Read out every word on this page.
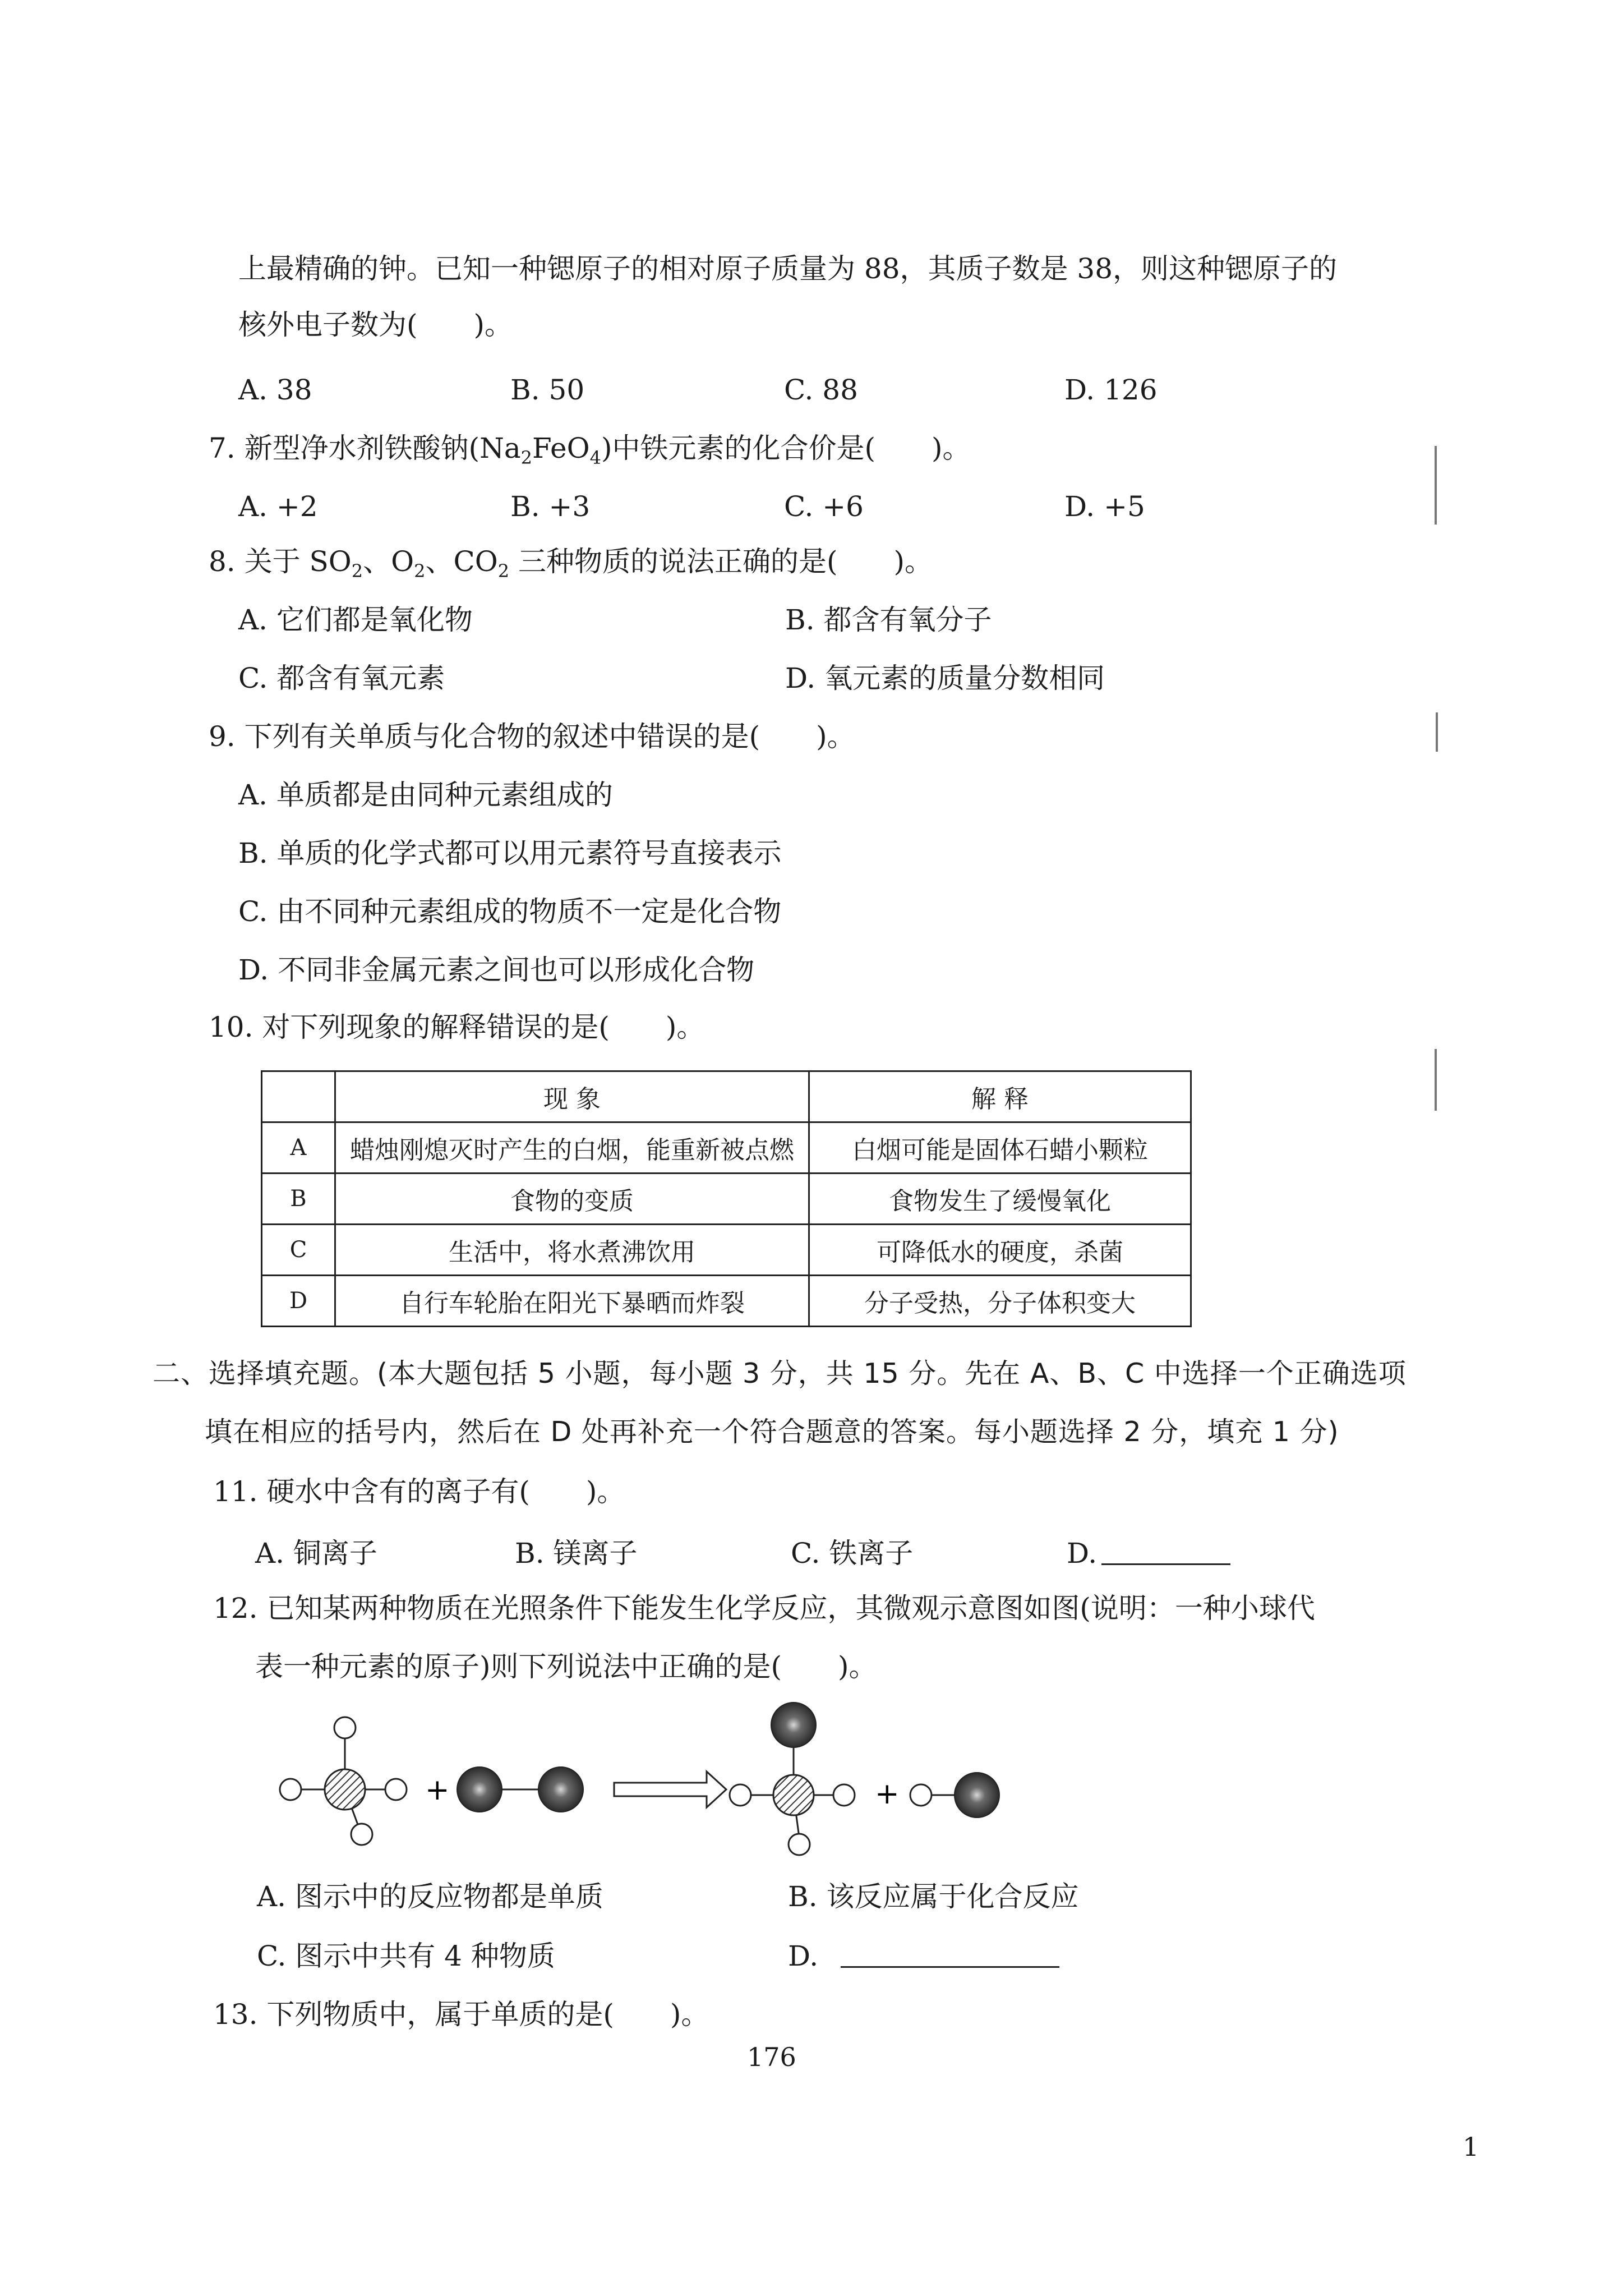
上最精确的钟。已知一种锶原子的相对原子质量为 88，其质子数是 38，则这种锶原子的
核外电子数为( )。
A. 38	B. 50	C. 88	D. 126
7. 新型净水剂铁酸钠$(Na_2FeO_4)$中铁元素的化合价是( )。
A. +2	B. +3	C. +6	D. +5
8. 关于 $SO_2$、$O_2$、$CO_2$ 三种物质的说法正确的是( )。
A. 它们都是氧化物	B. 都含有氧分子
C. 都含有氧元素	D. 氧元素的质量分数相同
9. 下列有关单质与化合物的叙述中错误的是( )。
A. 单质都是由同种元素组成的
B. 单质的化学式都可以用元素符号直接表示
C. 由不同种元素组成的物质不一定是化合物
D. 不同非金属元素之间也可以形成化合物
10. 对下列现象的解释错误的是( )。
	现 象	解 释
A	蜡烛刚熄灭时产生的白烟，能重新被点燃	白烟可能是固体石蜡小颗粒
B	食物的变质	食物发生了缓慢氧化
C	生活中，将水煮沸饮用	可降低水的硬度，杀菌
D	自行车轮胎在阳光下暴晒而炸裂	分子受热，分子体积变大
二、选择填充题。(本大题包括 5 小题，每小题 3 分，共 15 分。先在 A、B、C 中选择一个正确选项
填在相应的括号内，然后在 D 处再补充一个符合题意的答案。每小题选择 2 分，填充 1 分)
11. 硬水中含有的离子有( )。
A. 铜离子	B. 镁离子	C. 铁离子	D.
12. 已知某两种物质在光照条件下能发生化学反应，其微观示意图如图(说明：一种小球代
表一种元素的原子)则下列说法中正确的是( )。
+	+
A. 图示中的反应物都是单质	B. 该反应属于化合反应
C. 图示中共有 4 种物质	D.
13. 下列物质中，属于单质的是( )。
176
1
